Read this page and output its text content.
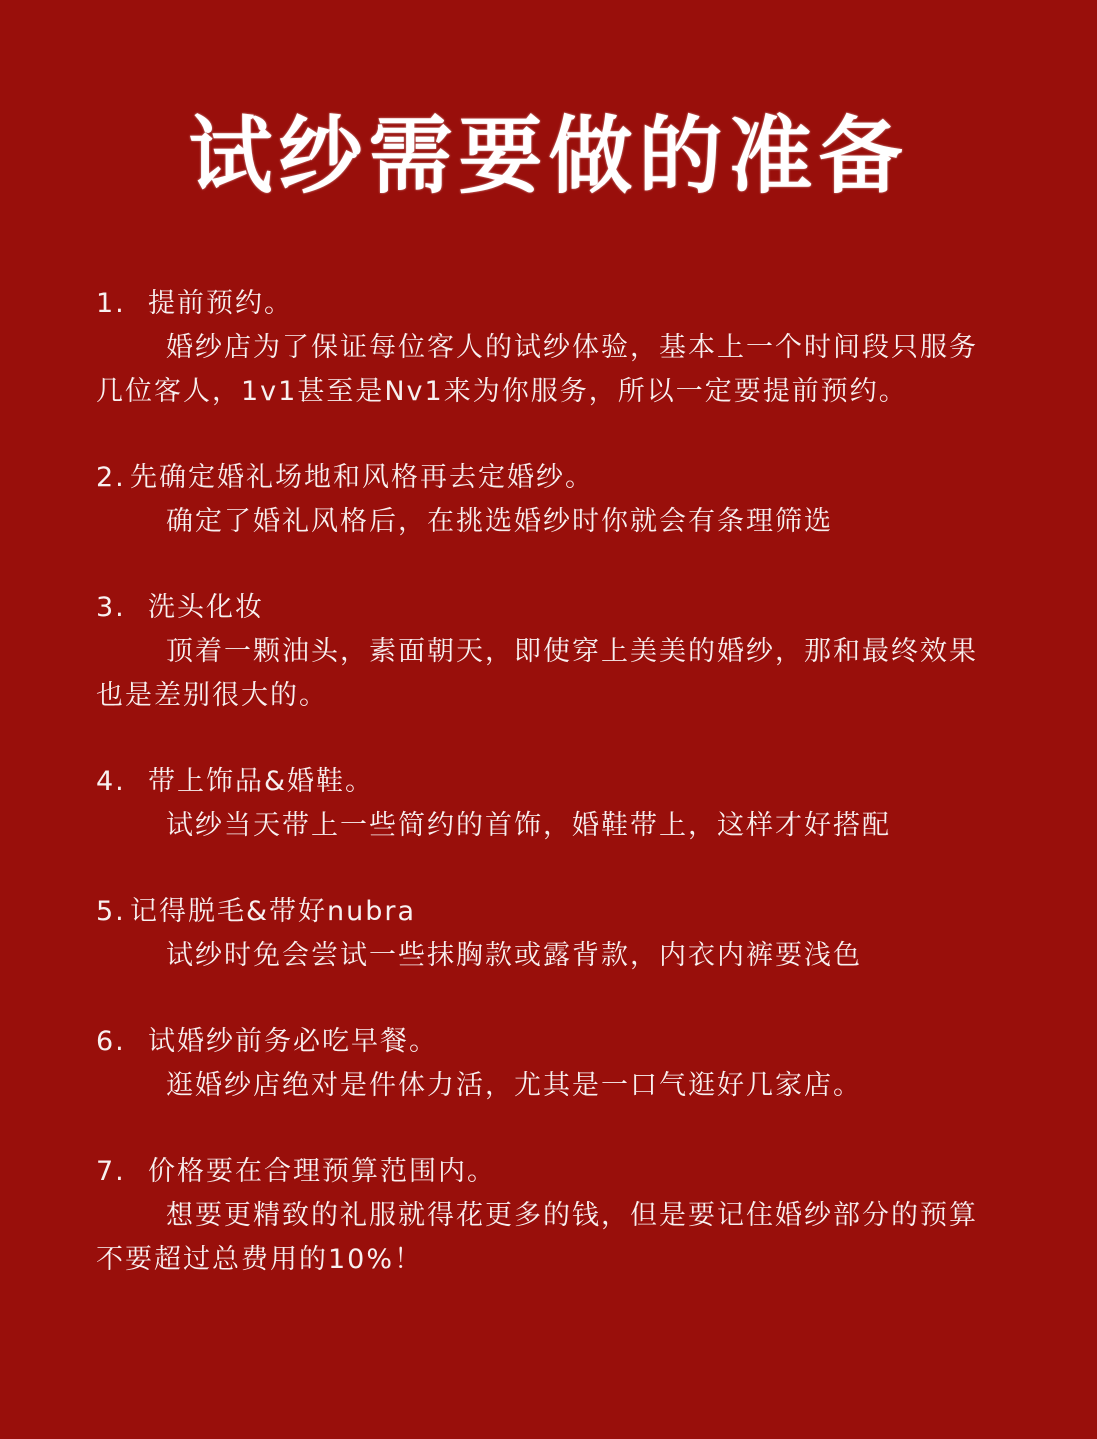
试纱需要做的准备
1. 提前预约。
婚纱店为了保证每位客人的试纱体验，基本上一个时间段只服务几位客人，1v1甚至是Nv1来为你服务，所以一定要提前预约。
2. 先确定婚礼场地和风格再去定婚纱。
确定了婚礼风格后，在挑选婚纱时你就会有条理筛选
3. 洗头化妆
顶着一颗油头，素面朝天，即使穿上美美的婚纱，那和最终效果也是差别很大的。
4. 带上饰品&婚鞋。
试纱当天带上一些简约的首饰，婚鞋带上，这样才好搭配
5. 记得脱毛&带好nubra
试纱时免会尝试一些抹胸款或露背款，内衣内裤要浅色
6. 试婚纱前务必吃早餐。
逛婚纱店绝对是件体力活，尤其是一口气逛好几家店。
7. 价格要在合理预算范围内。
想要更精致的礼服就得花更多的钱，但是要记住婚纱部分的预算不要超过总费用的10%！
